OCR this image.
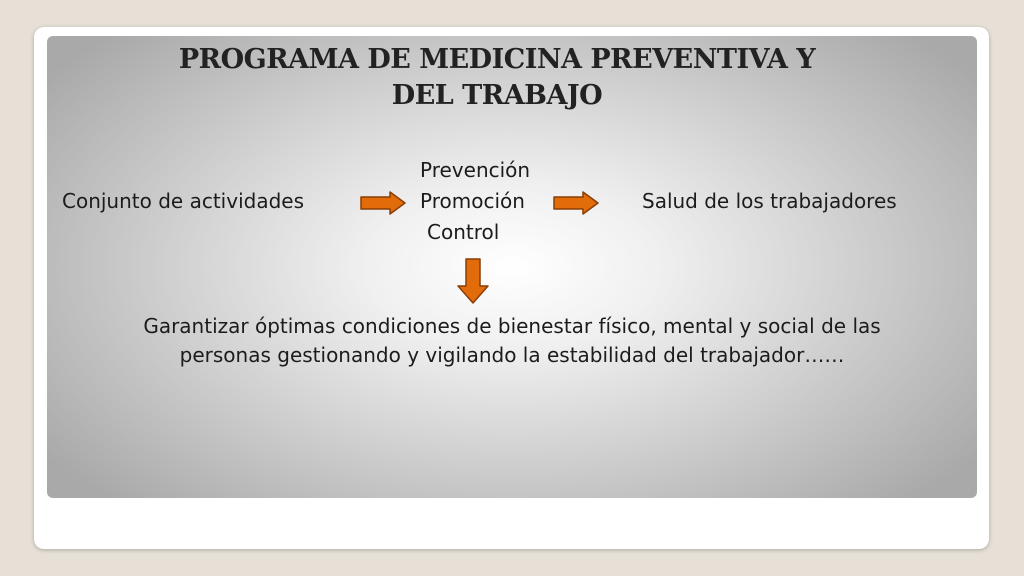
PROGRAMA DE MEDICINA PREVENTIVA Y
DEL TRABAJO
Prevención
Conjunto de actividades	Promoción	Salud de los trabajadores
Control
Garantizar óptimas condiciones de bienestar físico, mental y social de las
personas gestionando y vigilando la estabilidad del trabajador……
